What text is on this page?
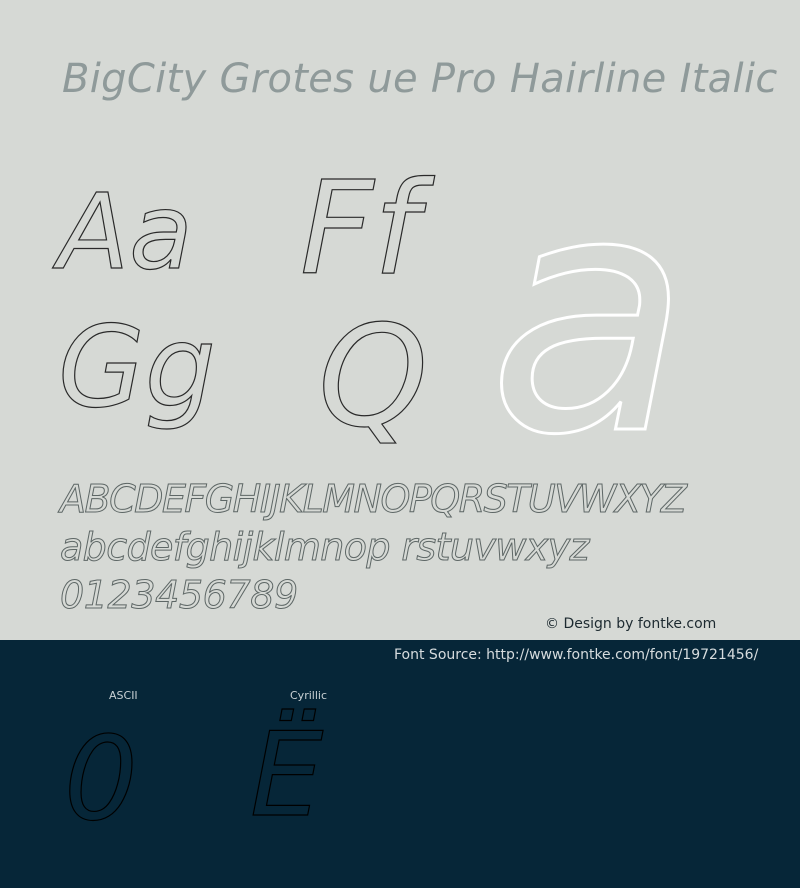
BigCity Grotes ue Pro Hairline Italic
Aa Ff
Gg Q a
ABCDEFGHIJKLMNOPQRSTUVWXYZ
abcdefghijklmnop rstuvwxyz
0123456789
© Design by fontke.com
Font Source: http://www.fontke.com/font/19721456/
ASCII	Cyrillic
0 Ë
